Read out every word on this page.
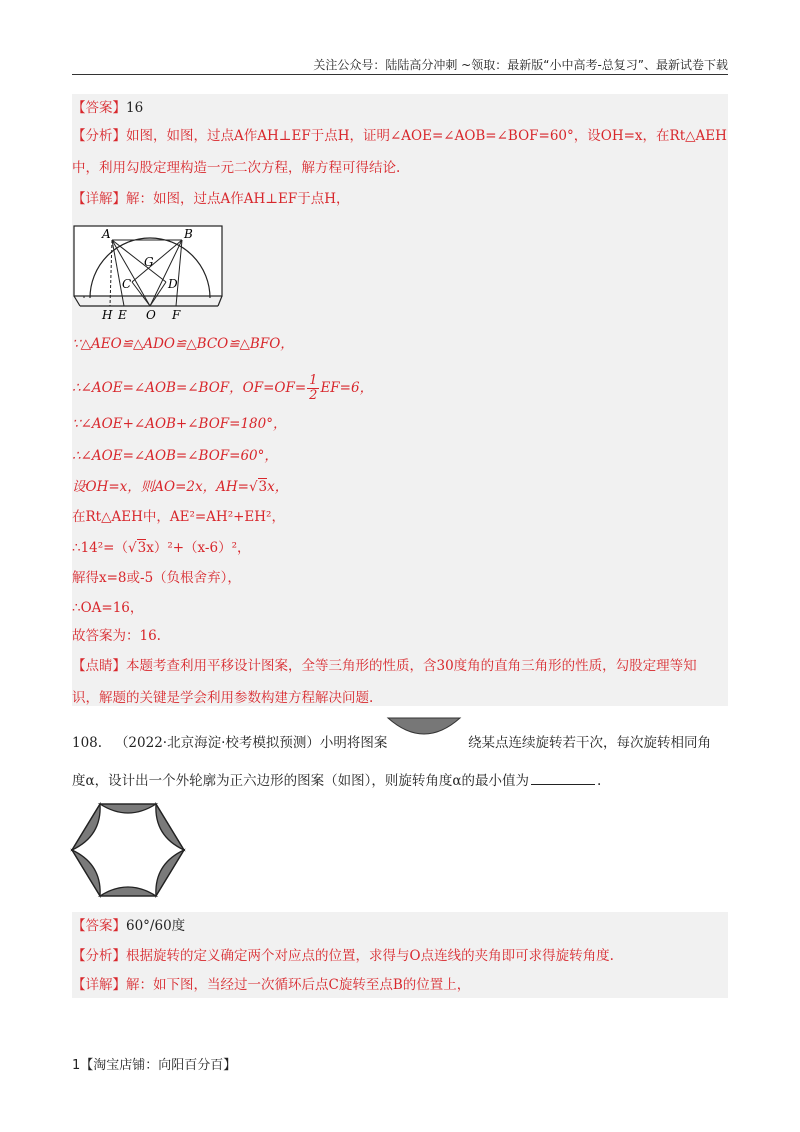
关注公众号：陆陆高分冲刺 ~领取：最新版“小中高考-总复习”、最新试卷下载
【答案】16
【分析】如图，如图，过点A作AH⊥EF于点H，证明∠AOE=∠AOB=∠BOF=60°，设OH=x，在Rt△AEH
中，利用勾股定理构造一元二次方程，解方程可得结论.
【详解】解：如图，过点A作AH⊥EF于点H，
A	B
G
C	D
H E O F
∵△AEO≌△ADO≌△BCO≌△BFO，
∴∠AOE=∠AOB=∠BOF，$OF=OF= \frac{1}{2} EF=6$，
∵∠AOE+∠AOB+∠BOF=180°，
∴∠AOE=∠AOB=∠BOF=60°，
设OH=x，则AO=2x，AH=√3x，
在Rt△AEH中，AE²=AH²+EH²，
∴14²=（√3x）²+（x-6）²，
解得x=8或-5（负根舍弃），
∴OA=16，
故答案为：16.
【点睛】本题考查利用平移设计图案，全等三角形的性质，含30度角的直角三角形的性质，勾股定理等知
识，解题的关键是学会利用参数构建方程解决问题.
108. （2022·北京海淀·校考模拟预测）小明将图案	绕某点连续旋转若干次，每次旋转相同角
度α，设计出一个外轮廓为正六边形的图案（如图），则旋转角度α的最小值为	.
【答案】60°/60度
【分析】根据旋转的定义确定两个对应点的位置，求得与O点连线的夹角即可求得旋转角度.
【详解】解：如下图，当经过一次循环后点C旋转至点B的位置上，
1【淘宝店铺：向阳百分百】
